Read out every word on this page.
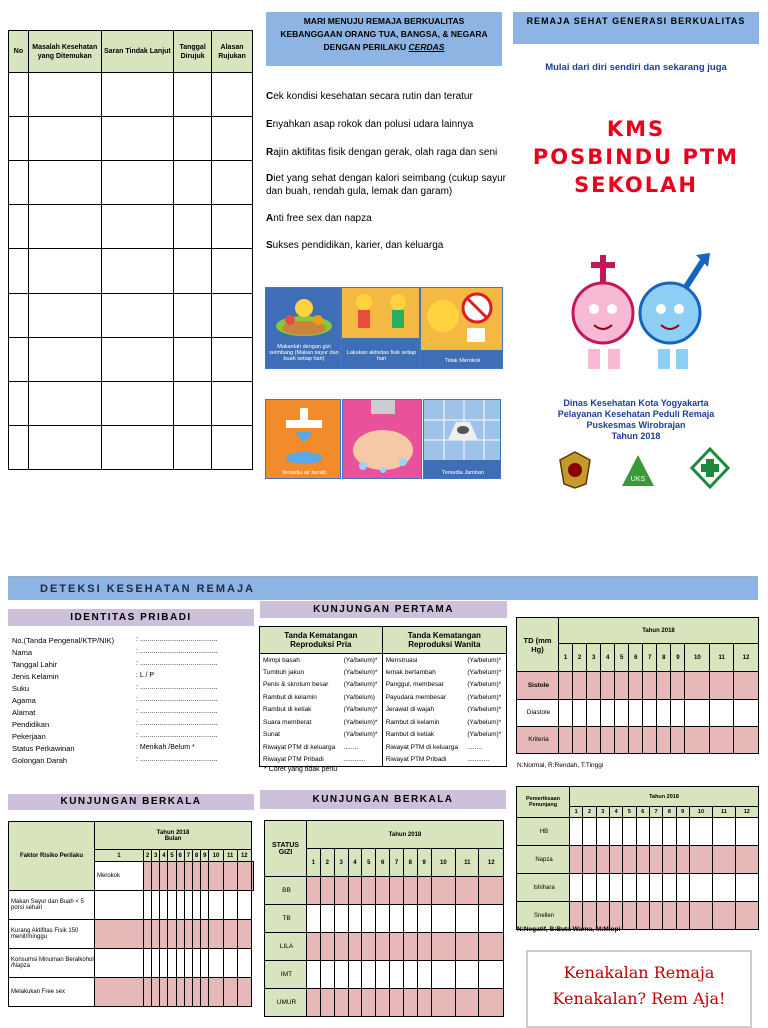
No	Masalah Kesehatan yang Ditemukan	Saran Tindak Lanjut	Tanggal Dirujuk	Alasan Rujukan

MARI MENUJU REMAJA BERKUALITAS
KEBANGGAAN ORANG TUA, BANGSA, & NEGARA
DENGAN PERILAKU CERDAS
Cek kondisi kesehatan secara rutin dan teratur
Enyahkan asap rokok dan polusi udara lainnya
Rajin aktifitas fisik dengan gerak, olah raga dan seni
Diet yang sehat dengan kalori seimbang (cukup sayur dan buah, rendah gula, lemak dan garam)
Anti free sex dan napza
Sukses pendidikan, karier, dan keluarga
Makanlah dengan gizi seimbang (Makan sayur dan buah setiap hari)
Lakukan aktivitas fisik setiap hari	Tidak Merokok
Tersedia air bersih	Tersedia Jamban
REMAJA SEHAT GENERASI BERKUALITAS
Mulai dari diri sendiri dan sekarang juga
KMS
POSBINDU PTM
SEKOLAH
Dinas Kesehatan Kota Yogyakarta
Pelayanan Kesehatan Peduli Remaja
Puskesmas Wirobrajan
Tahun 2018
UKS
DETEKSI KESEHATAN REMAJA
IDENTITAS PRIBADI
No.(Tanda Pengenal/KTP/NIK)	: ........................................
Nama	: ........................................
Tanggal Lahir	: ........................................
Jenis Kelamin	: L / P
Suku	: ........................................
Agama	: ........................................
Alamat	: ........................................
Pendidikan	: ........................................
Pekerjaan	: ........................................
Status Perkawinan	: Menikah /Belum *
Golongan Darah	: ........................................
KUNJUNGAN PERTAMA
Tanda Kematangan Reproduksi Pria		Tanda Kematangan Reproduksi Wanita	
Mimpi basah	(Ya/belum)*	Menstruasi	(Ya/belum)*
Tumbuh jakun	(Ya/belum)*	lemak bertambah	(Ya/belum)*
Penis & skrotum besar	(Ya/belum)*	Panggul, membesar	(Ya/belum)*
Rambut di kelamin	(Ya/belum)	Payudara membesar	(Ya/belum)*
Rambut di ketiak	(Ya/belum)*	Jerawat di wajah	(Ya/belum)*
Suara memberat	(Ya/belum)*	Rambut di kelamin	(Ya/belum)*
Sunat	(Ya/belum)*	Rambut di ketiak	(Ya/belum)*
Riwayat PTM di keluarga	........	Riwayat PTM di keluarga	........
Riwayat PTM Pribadi	............	Riwayat PTM Pribadi	............
* Coret yang tidak perlu
TD (mm Hg)	Tahun 2018											

	1	2	3	4	5	6	7	8	9	10	11	12
Sistole												
Diastole												
Kriteria												
N:Normal, R:Rendah, T:Tinggi
KUNJUNGAN BERKALA
Faktor Risiko Perilaku	Tahun 2018
Bulan												

	1	2	3	4	5	6	7	8	9	10	11	12	
	Merokok												
Makan Sayur dan Buah < 5 porsi sehari													
Kurang Aktifitas Fisik 150 menit/minggu													
Konsumsi Minuman Beralkohol /Napza													
Melakukan Free sex													
KUNJUNGAN BERKALA
STATUS GIZI	Tahun 2018											

	1	2	3	4	5	6	7	8	9	10	11	12
BB												
TB												
LILA												
IMT												
UMUR												
Pemeriksaan Penunjang	Tahun 2018											

	1	2	3	4	5	6	7	8	9	10	11	12
HB												
Napza												
Ishihara												
Snellen												
N:Negatif, B:Buta Warna, M:Miopi
Kenakalan Remaja
Kenakalan? Rem Aja!
